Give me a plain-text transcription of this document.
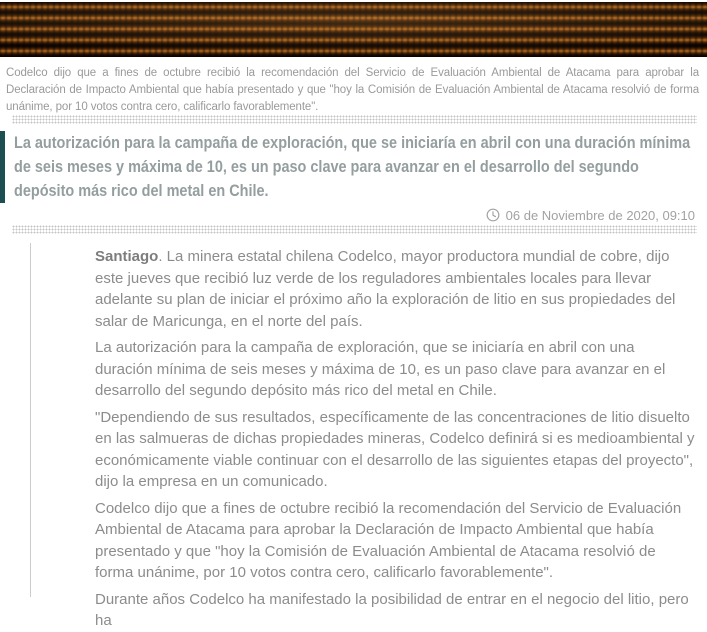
Codelco dijo que a fines de octubre recibió la recomendación del Servicio de Evaluación Ambiental de Atacama para aprobar la Declaración de Impacto Ambiental que había presentado y que "hoy la Comisión de Evaluación Ambiental de Atacama resolvió de forma unánime, por 10 votos contra cero, calificarlo favorablemente".

La autorización para la campaña de exploración, que se iniciaría en abril con una duración mínima de seis meses y máxima de 10, es un paso clave para avanzar en el desarrollo del segundo depósito más rico del metal en Chile.

06 de Noviembre de 2020, 09:10

Santiago. La minera estatal chilena Codelco, mayor productora mundial de cobre, dijo este jueves que recibió luz verde de los reguladores ambientales locales para llevar adelante su plan de iniciar el próximo año la exploración de litio en sus propiedades del salar de Maricunga, en el norte del país.

La autorización para la campaña de exploración, que se iniciaría en abril con una duración mínima de seis meses y máxima de 10, es un paso clave para avanzar en el desarrollo del segundo depósito más rico del metal en Chile.

"Dependiendo de sus resultados, específicamente de las concentraciones de litio disuelto en las salmueras de dichas propiedades mineras, Codelco definirá si es medioambiental y económicamente viable continuar con el desarrollo de las siguientes etapas del proyecto", dijo la empresa en un comunicado.

Codelco dijo que a fines de octubre recibió la recomendación del Servicio de Evaluación Ambiental de Atacama para aprobar la Declaración de Impacto Ambiental que había presentado y que "hoy la Comisión de Evaluación Ambiental de Atacama resolvió de forma unánime, por 10 votos contra cero, calificarlo favorablemente".

Durante años Codelco ha manifestado la posibilidad de entrar en el negocio del litio, pero ha
